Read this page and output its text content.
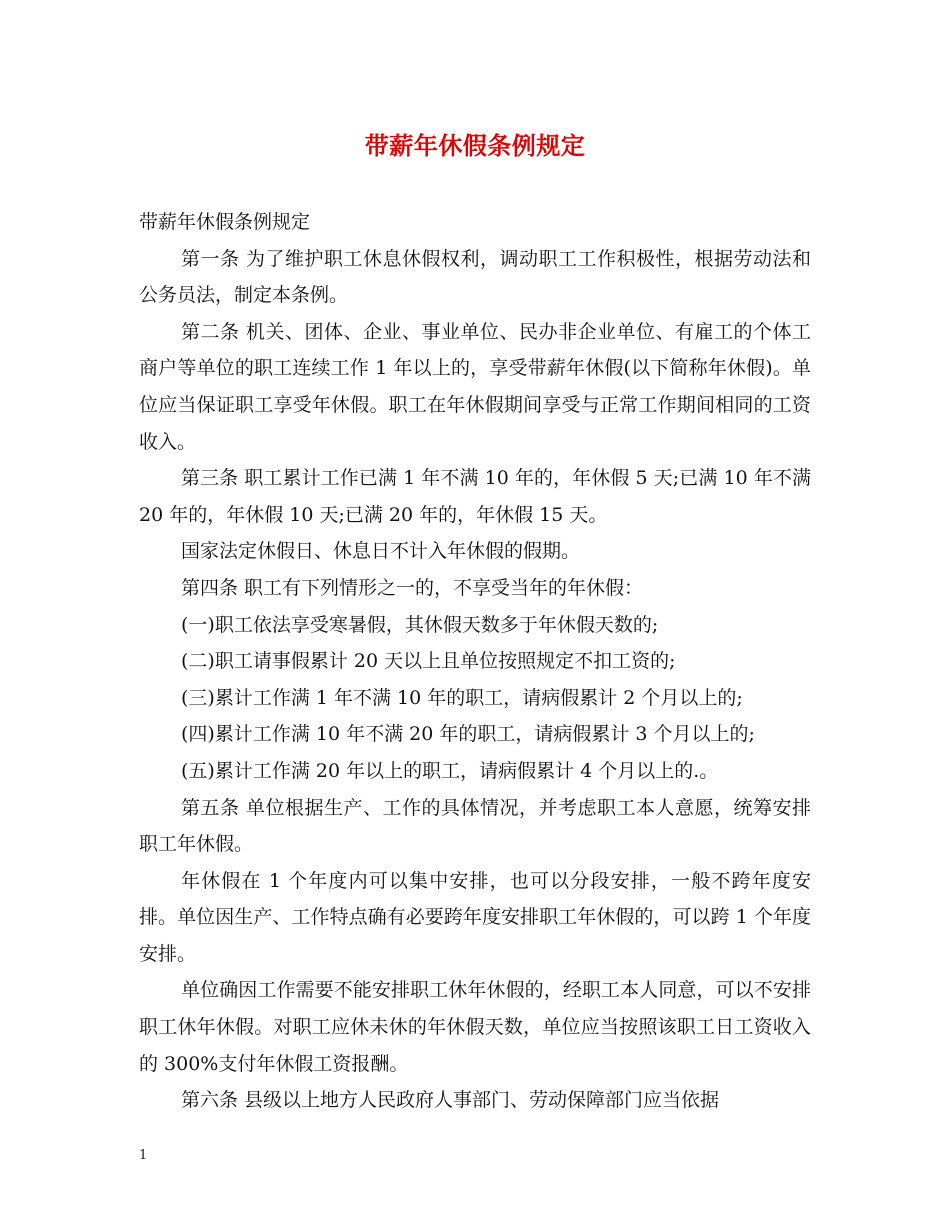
带薪年休假条例规定

带薪年休假条例规定

第一条 为了维护职工休息休假权利，调动职工工作积极性，根据劳动法和公务员法，制定本条例。

第二条 机关、团体、企业、事业单位、民办非企业单位、有雇工的个体工商户等单位的职工连续工作 1 年以上的，享受带薪年休假(以下简称年休假)。单位应当保证职工享受年休假。职工在年休假期间享受与正常工作期间相同的工资收入。

第三条 职工累计工作已满 1 年不满 10 年的，年休假 5 天;已满 10 年不满 20 年的，年休假 10 天;已满 20 年的，年休假 15 天。

国家法定休假日、休息日不计入年休假的假期。

第四条 职工有下列情形之一的，不享受当年的年休假：

(一)职工依法享受寒暑假，其休假天数多于年休假天数的;

(二)职工请事假累计 20 天以上且单位按照规定不扣工资的;

(三)累计工作满 1 年不满 10 年的职工，请病假累计 2 个月以上的;

(四)累计工作满 10 年不满 20 年的职工，请病假累计 3 个月以上的;

(五)累计工作满 20 年以上的职工，请病假累计 4 个月以上的.。

第五条 单位根据生产、工作的具体情况，并考虑职工本人意愿，统筹安排职工年休假。

年休假在 1 个年度内可以集中安排，也可以分段安排，一般不跨年度安排。单位因生产、工作特点确有必要跨年度安排职工年休假的，可以跨 1 个年度安排。

单位确因工作需要不能安排职工休年休假的，经职工本人同意，可以不安排职工休年休假。对职工应休未休的年休假天数，单位应当按照该职工日工资收入的 300%支付年休假工资报酬。

第六条 县级以上地方人民政府人事部门、劳动保障部门应当依据

1
